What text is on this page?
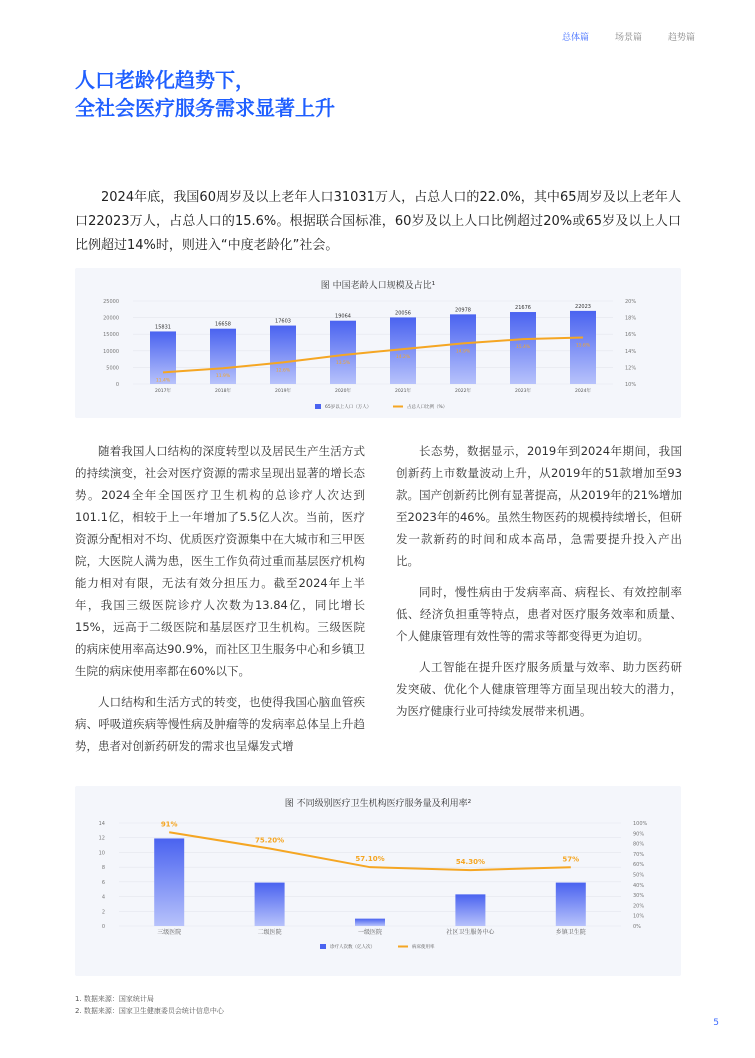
总体篇	场景篇	趋势篇
人口老龄化趋势下，
全社会医疗服务需求显著上升

2024年底，我国60周岁及以上老年人口31031万人，占总人口的22.0%，其中65周岁及以上老年人口22023万人，占总人口的15.6%。根据联合国标准，60岁及以上人口比例超过20%或65岁及以上人口比例超过14%时，则进入“中度老龄化”社会。

图 中国老龄人口规模及占比¹
25000
20000
15000
10000
5000
0
20%
18%
16%
14%
12%
10%
15831
2017年
16658
2018年
17603
2019年
19064
2020年
20056
2021年
20978
2022年
21676
2023年
22023
2024年
11.4%
11.9%
12.6%
13.5%
14.2%
14.9%
15.4%	15.6%
65岁以上人口（万人）	占总人口比例（%）

随着我国人口结构的深度转型以及居民生产生活方式的持续演变，社会对医疗资源的需求呈现出显著的增长态势。2024全年全国医疗卫生机构的总诊疗人次达到101.1亿，相较于上一年增加了5.5亿人次。当前，医疗资源分配相对不均、优质医疗资源集中在大城市和三甲医院，大医院人满为患，医生工作负荷过重而基层医疗机构能力相对有限，无法有效分担压力。截至2024年上半年，我国三级医院诊疗人次数为13.84亿，同比增长15%，远高于二级医院和基层医疗卫生机构。三级医院的病床使用率高达90.9%，而社区卫生服务中心和乡镇卫生院的病床使用率都在60%以下。

人口结构和生活方式的转变，也使得我国心脑血管疾病、呼吸道疾病等慢性病及肿瘤等的发病率总体呈上升趋势，患者对创新药研发的需求也呈爆发式增

长态势，数据显示，2019年到2024年期间，我国创新药上市数量波动上升，从2019年的51款增加至93款。国产创新药比例有显著提高，从2019年的21%增加至2023年的46%。虽然生物医药的规模持续增长，但研发一款新药的时间和成本高昂，急需要提升投入产出比。

同时，慢性病由于发病率高、病程长、有效控制率低、经济负担重等特点，患者对医疗服务效率和质量、个人健康管理有效性等的需求等都变得更为迫切。

人工智能在提升医疗服务质量与效率、助力医药研发突破、优化个人健康管理等方面呈现出较大的潜力，为医疗健康行业可持续发展带来机遇。

图 不同级别医疗卫生机构医疗服务量及利用率²
14
12
10
8
6
4
2
0
100%
90%
80%
70%
60%
50%
40%
30%
20%
10%
0%
三级医院	二级医院	一级医院	社区卫生服务中心	乡镇卫生院
91%
75.20%
57.10%	54.30%	57%
诊疗人次数（亿人次）	病床使用率
1. 数据来源：国家统计局
2. 数据来源：国家卫生健康委员会统计信息中心
5
